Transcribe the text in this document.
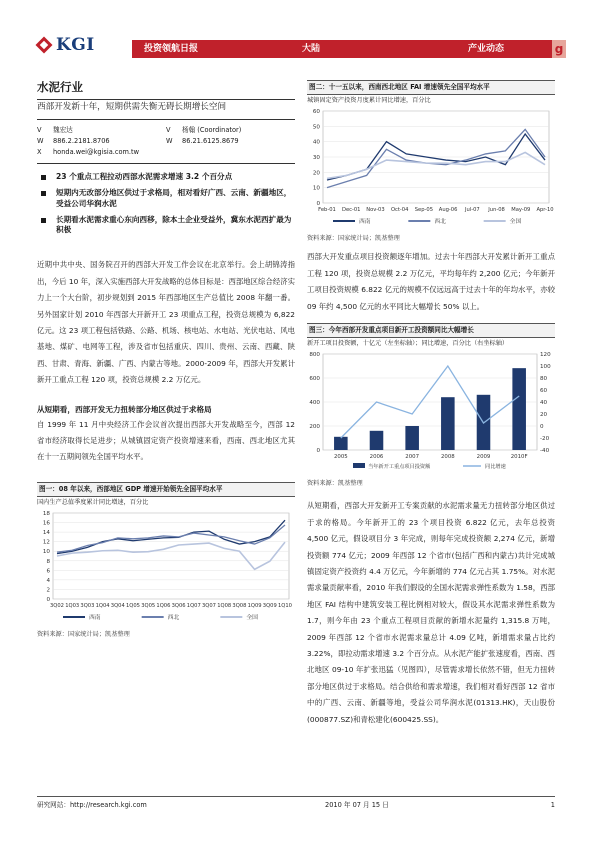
KGI	投资领航日报	大陆	产业动态	g
水泥行业
西部开发新十年，短期供需失衡无碍长期增长空间
V	魏宏达
W	886.2.2181.8706
X	honda.wei@kgisia.com.tw
V	杨翰 (Coordinator)
W	86.21.6125.8679
23 个重点工程拉动西部水泥需求增速 3.2 个百分点
短期内无改部分地区供过于求格局，相对看好广西、云南、新疆地区，受益公司华润水泥
长期看水泥需求重心东向西移，除本土企业受益外，冀东水泥西扩最为积极
近期中共中央、国务院召开的西部大开发工作会议在北京举行。会上胡锦涛指出，今后 10 年，深入实施西部大开发战略的总体目标是：西部地区综合经济实力上一个大台阶，初步规划到 2015 年西部地区生产总值比 2008 年翻一番。另外国家计划 2010 年西部大开新开工 23 项重点工程，投资总规模为 6,822 亿元。这 23 项工程包括铁路、公路、机场、核电站、水电站、光伏电站、风电基地、煤矿、电网等工程，涉及省市包括重庆、四川、贵州、云南、西藏、陕西、甘肃、青海、新疆、广西、内蒙古等地。2000-2009 年，西部大开发累计新开工重点工程 120 项，投资总规模 2.2 万亿元。
从短期看，西部开发无力扭转部分地区供过于求格局
自 1999 年 11 月中央经济工作会议首次提出西部大开发战略至今，西部 12 省市经济取得长足进步；从城镇固定资产投资增速来看，西南、西北地区尤其在十一五期间领先全国平均水平。
图一：08 年以来，西部地区 GDP 增速开始领先全国平均水平
国内生产总值季度累计同比增速，百分比
0
2
4
6
8
10
12
14
16
18
3Q02 1Q03 3Q03 1Q04 3Q04 1Q05 3Q05 1Q06 3Q06 1Q07 3Q07 1Q08 3Q08 1Q09 3Q09 1Q10
西南	西北	全国
资料来源：国家统计局；凯基整理
图二：十一五以来，西南西北地区 FAI 增速领先全国平均水平
城镇固定资产投资月度累计同比增速，百分比
0
10
20
30
40
50
60
Feb-01 Dec-01 Nov-03 Oct-04 Sep-05 Aug-06 Jul-07 Jun-08 May-09 Apr-10
西南	西北	全国
资料来源：国家统计局；凯基整理
西部大开发重点项目投资额逐年增加。过去十年西部大开发累计新开工重点工程 120 项，投资总规模 2.2 万亿元，平均每年约 2,200 亿元；今年新开工项目投资规模 6.822 亿元的规模不仅远远高于过去十年的年均水平，亦较 09 年约 4,500 亿元的水平同比大幅增长 50% 以上。
图三：今年西部开发重点项目新开工投资额同比大幅增长
新开工项目投资额，十亿元（左坐标轴）；同比增速，百分比（右坐标轴）
0
200
400
600
800
-40
-20
0
20
40
60
80
100
120
2005	2006	2007	2008	2009	2010F
当年新开工重点项目投资额	同比增速
资料来源：凯基整理
从短期看，西部大开发新开工专案贡献的水泥需求量无力扭转部分地区供过于求的格局。今年新开工的 23 个项目投资 6.822 亿元，去年总投资 4,500 亿元，假设项目分 3 年完成，则每年完成投资额 2,274 亿元，新增投资额 774 亿元；2009 年西部 12 个省市(包括广西和内蒙古)共计完成城镇固定资产投资约 4.4 万亿元，今年新增的 774 亿元占其 1.75%。对水泥需求量贡献率看，2010 年我们假设的全国水泥需求弹性系数为 1.58，西部地区 FAI 结构中建筑安装工程比例相对较大，假设其水泥需求弹性系数为 1.7，则今年由 23 个重点工程项目贡献的新增水泥量约 1,315.8 万吨，2009 年西部 12 个省市水泥需求量总计 4.09 亿吨，新增需求量占比约 3.22%，即拉动需求增速 3.2 个百分点。从水泥产能扩张速度看，西南、西北地区 09-10 年扩张迅猛（见图四），尽管需求增长依然不错，但无力扭转部分地区供过于求格局。结合供给和需求增速，我们相对看好西部 12 省市中的广西、云南、新疆等地，受益公司华润水泥(01313.HK)，天山股份(000877.SZ)和青松建化(600425.SS)。
研究网站：http://research.kgi.com	2010 年 07 月 15 日	1
